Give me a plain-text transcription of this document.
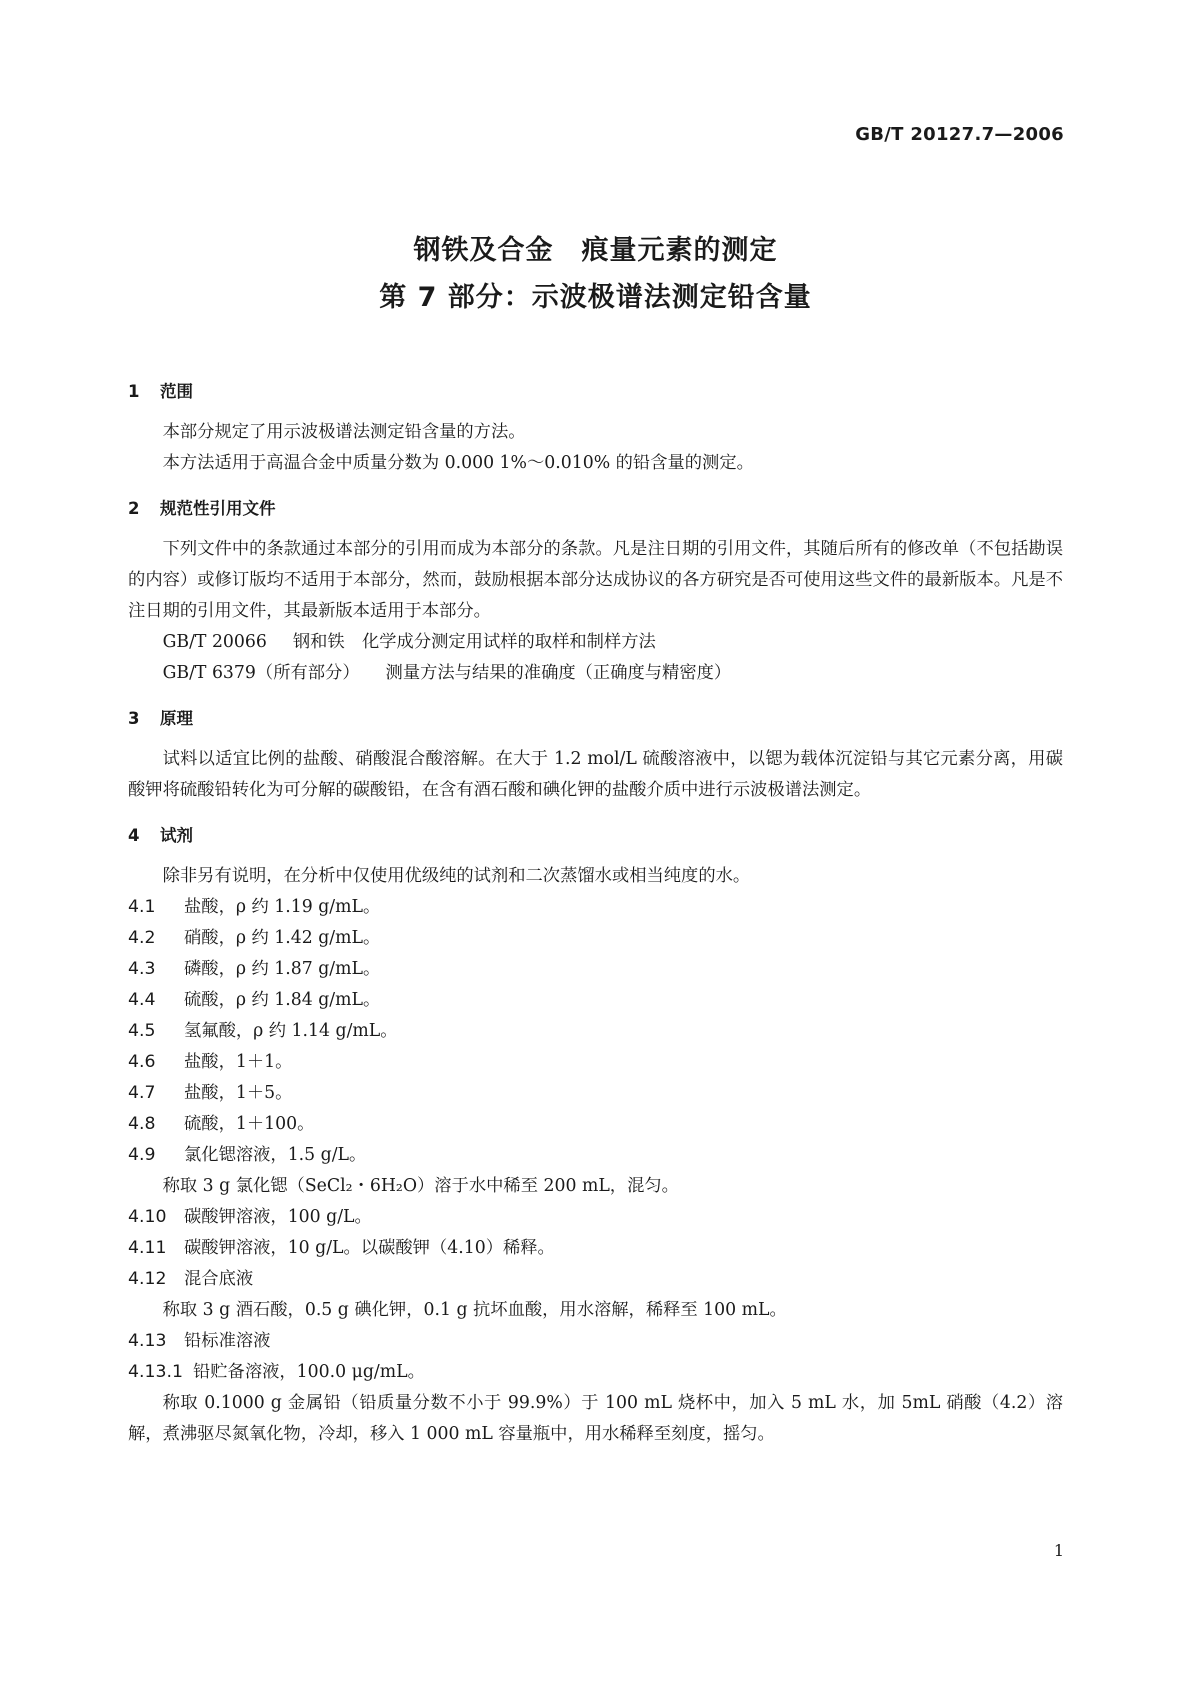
GB/T 20127.7—2006
钢铁及合金　痕量元素的测定
第 7 部分：示波极谱法测定铅含量
1 范围
本部分规定了用示波极谱法测定铅含量的方法。
本方法适用于高温合金中质量分数为 0.000 1%～0.010% 的铅含量的测定。
2 规范性引用文件
下列文件中的条款通过本部分的引用而成为本部分的条款。凡是注日期的引用文件，其随后所有的修改单（不包括勘误的内容）或修订版均不适用于本部分，然而，鼓励根据本部分达成协议的各方研究是否可使用这些文件的最新版本。凡是不注日期的引用文件，其最新版本适用于本部分。
GB/T 20066 钢和铁　化学成分测定用试样的取样和制样方法
GB/T 6379（所有部分） 测量方法与结果的准确度（正确度与精密度）
3 原理
试料以适宜比例的盐酸、硝酸混合酸溶解。在大于 1.2 mol/L 硫酸溶液中，以锶为载体沉淀铅与其它元素分离，用碳酸钾将硫酸铅转化为可分解的碳酸铅，在含有酒石酸和碘化钾的盐酸介质中进行示波极谱法测定。
4 试剂
除非另有说明，在分析中仅使用优级纯的试剂和二次蒸馏水或相当纯度的水。
4.1 盐酸，ρ 约 1.19 g/mL。
4.2 硝酸，ρ 约 1.42 g/mL。
4.3 磷酸，ρ 约 1.87 g/mL。
4.4 硫酸，ρ 约 1.84 g/mL。
4.5 氢氟酸，ρ 约 1.14 g/mL。
4.6 盐酸，1＋1。
4.7 盐酸，1＋5。
4.8 硫酸，1＋100。
4.9 氯化锶溶液，1.5 g/L。
称取 3 g 氯化锶（SeCl₂・6H₂O）溶于水中稀至 200 mL，混匀。
4.10 碳酸钾溶液，100 g/L。
4.11 碳酸钾溶液，10 g/L。以碳酸钾（4.10）稀释。
4.12 混合底液
称取 3 g 酒石酸，0.5 g 碘化钾，0.1 g 抗坏血酸，用水溶解，稀释至 100 mL。
4.13 铅标准溶液
4.13.1 铅贮备溶液，100.0 μg/mL。
称取 0.1000 g 金属铅（铅质量分数不小于 99.9%）于 100 mL 烧杯中，加入 5 mL 水，加 5mL 硝酸（4.2）溶解，煮沸驱尽氮氧化物，冷却，移入 1 000 mL 容量瓶中，用水稀释至刻度，摇匀。
1
